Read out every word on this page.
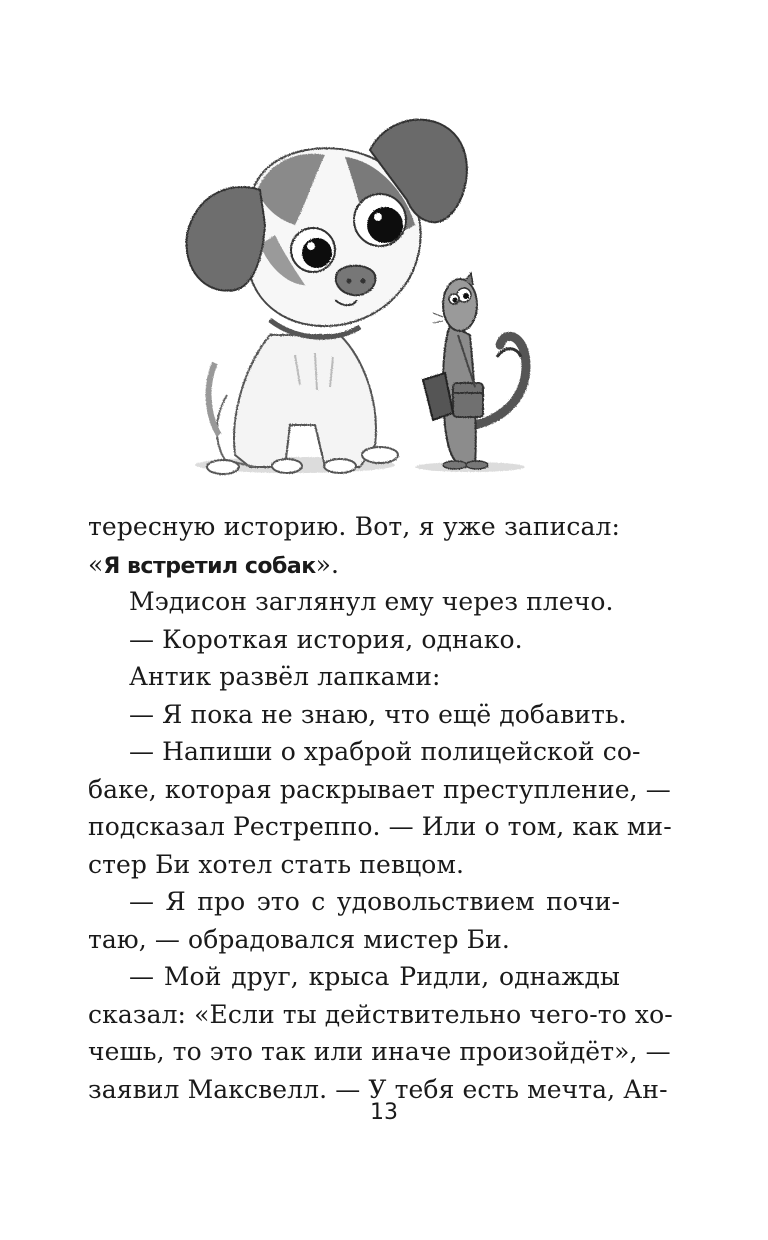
тересную историю. Вот, я уже записал:
«Я встретил собак».
Мэдисон заглянул ему через плечо.
— Короткая история, однако.
Антик развёл лапками:
— Я пока не знаю, что ещё добавить.
— Напиши о храброй полицейской со-
баке, которая раскрывает преступление, —
подсказал Рестреппо. — Или о том, как ми-
стер Би хотел стать певцом.
— Я про это с удовольствием почи-
таю, — обрадовался мистер Би.
— Мой друг, крыса Ридли, однажды
сказал: «Если ты действительно чего-то хо-
чешь, то это так или иначе произойдёт», —
заявил Максвелл. — У тебя есть мечта, Ан-
13
